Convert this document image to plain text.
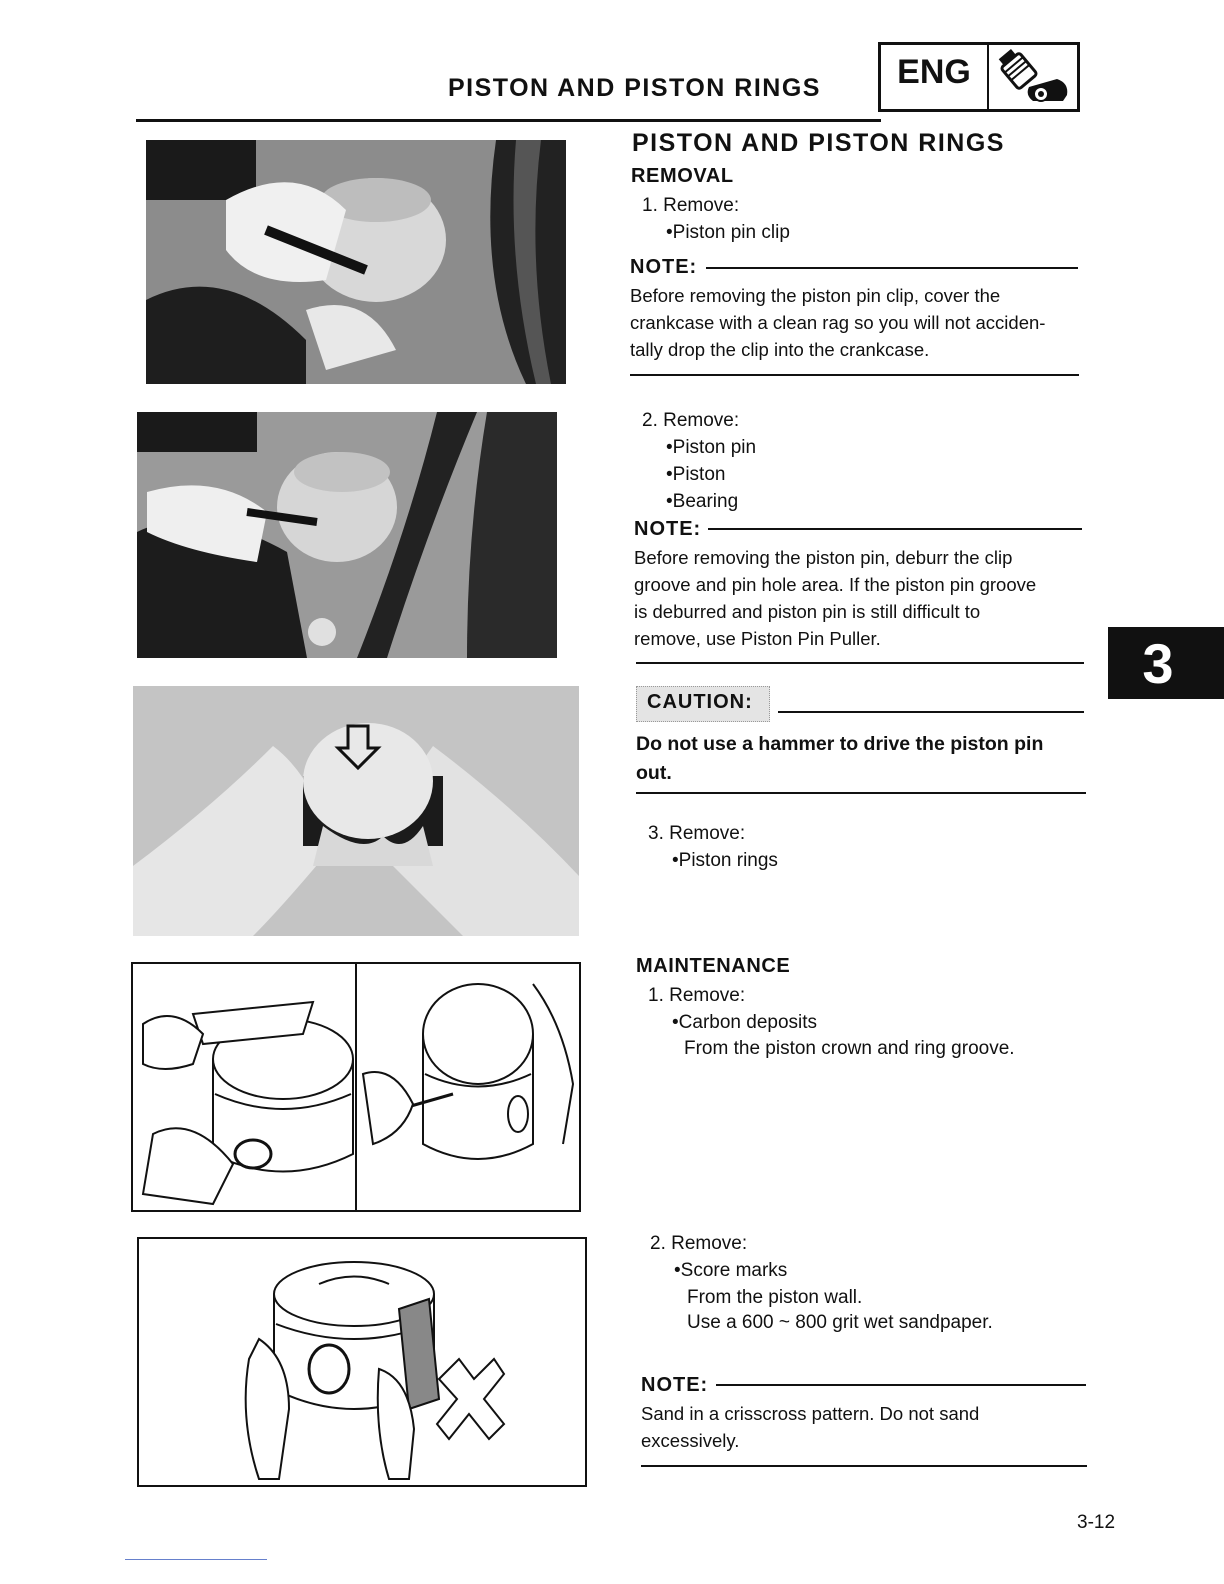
PISTON AND PISTON RINGS	ENG
PISTON AND PISTON RINGS
REMOVAL
1. Remove:
•Piston pin clip
NOTE:
Before removing the piston pin clip, cover the
crankcase with a clean rag so you will not acciden-
tally drop the clip into the crankcase.
2. Remove:
•Piston pin
•Piston
•Bearing
NOTE:
Before removing the piston pin, deburr the clip
groove and pin hole area. If the piston pin groove
is deburred and piston pin is still difficult to
remove, use Piston Pin Puller.
CAUTION:
Do not use a hammer to drive the piston pin
out.
3. Remove:
•Piston rings
MAINTENANCE
1. Remove:
•Carbon deposits
From the piston crown and ring groove.
2. Remove:
•Score marks
From the piston wall.
Use a 600 ~ 800 grit wet sandpaper.
NOTE:
Sand in a crisscross pattern. Do not sand
excessively.
3
3-12
